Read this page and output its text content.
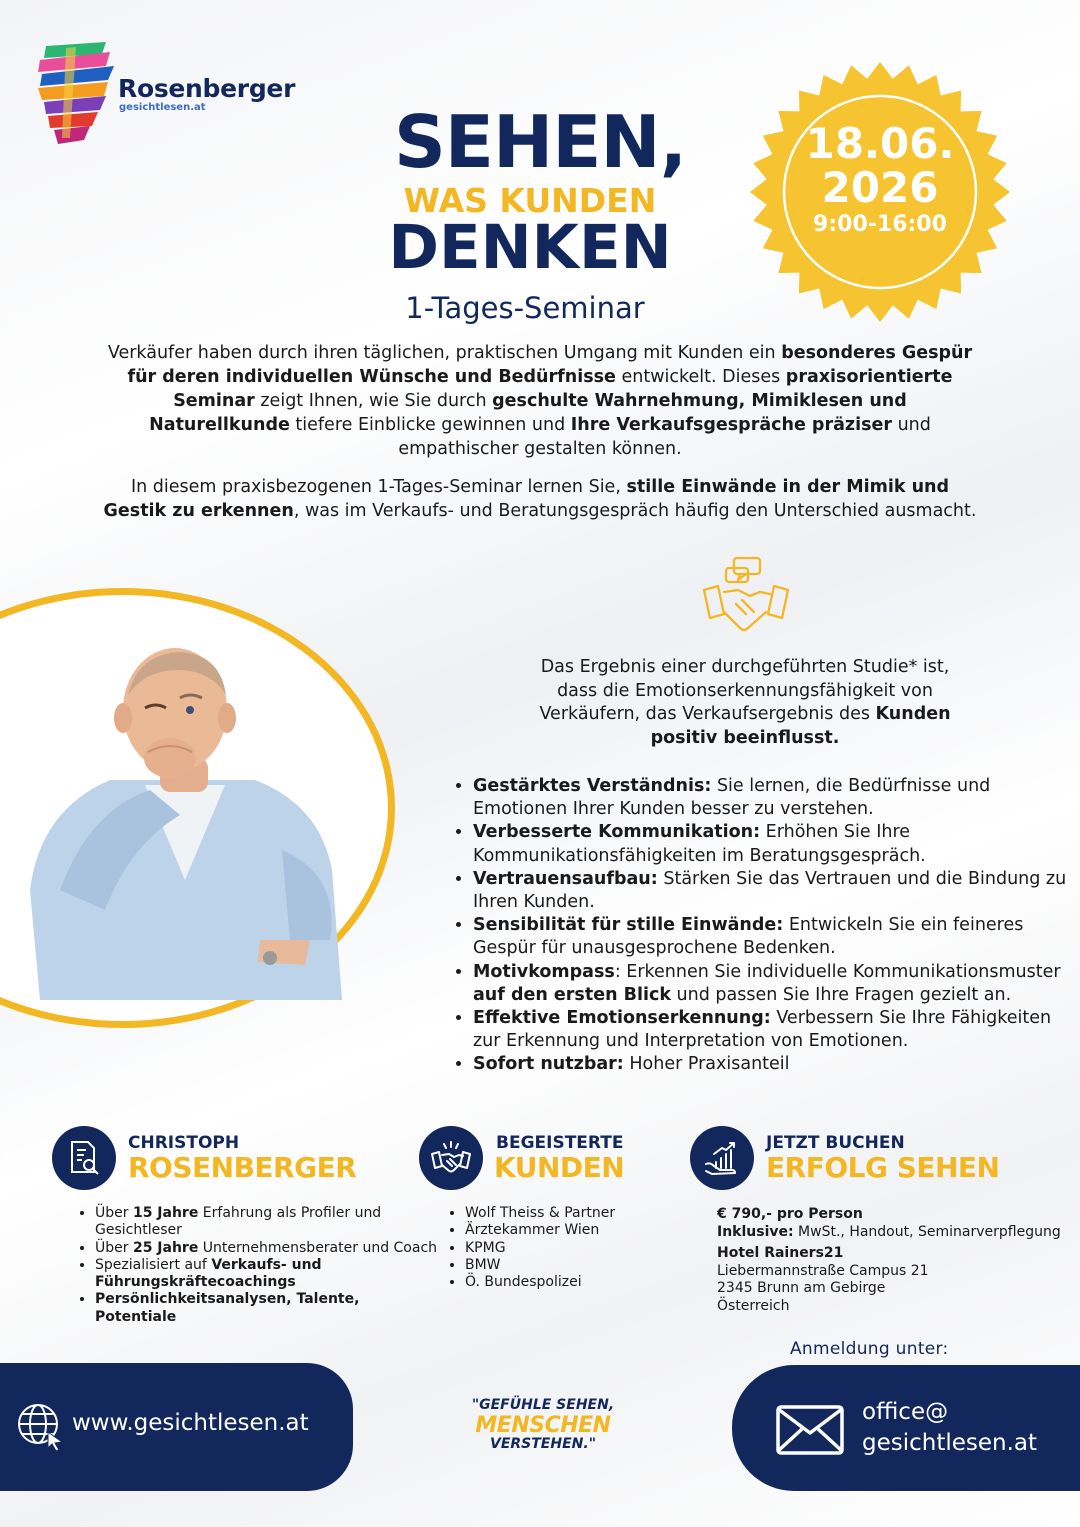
Rosenberger
gesichtlesen.at	SEHEN,
WAS KUNDEN
DENKEN
1-Tages-Seminar
18.06.
2026
9:00-16:00

Verkäufer haben durch ihren täglichen, praktischen Umgang mit Kunden ein besonderes Gespür für deren individuellen Wünsche und Bedürfnisse entwickelt. Dieses praxisorientierte Seminar zeigt Ihnen, wie Sie durch geschulte Wahrnehmung, Mimiklesen und Naturellkunde tiefere Einblicke gewinnen und Ihre Verkaufsgespräche präziser und empathischer gestalten können.

In diesem praxisbezogenen 1-Tages-Seminar lernen Sie, stille Einwände in der Mimik und Gestik zu erkennen, was im Verkaufs- und Beratungsgespräch häufig den Unterschied ausmacht.

Das Ergebnis einer durchgeführten Studie* ist, dass die Emotionserkennungsfähigkeit von Verkäufern, das Verkaufsergebnis des Kunden positiv beeinflusst.
• Gestärktes Verständnis: Sie lernen, die Bedürfnisse und Emotionen Ihrer Kunden besser zu verstehen.
• Verbesserte Kommunikation: Erhöhen Sie Ihre Kommunikationsfähigkeiten im Beratungsgespräch.
• Vertrauensaufbau: Stärken Sie das Vertrauen und die Bindung zu Ihren Kunden.
• Sensibilität für stille Einwände: Entwickeln Sie ein feineres Gespür für unausgesprochene Bedenken.
• Motivkompass: Erkennen Sie individuelle Kommunikationsmuster auf den ersten Blick und passen Sie Ihre Fragen gezielt an.
• Effektive Emotionserkennung: Verbessern Sie Ihre Fähigkeiten zur Erkennung und Interpretation von Emotionen.
• Sofort nutzbar: Hoher Praxisanteil
CHRISTOPH
ROSENBERGER
• Über 15 Jahre Erfahrung als Profiler und Gesichtleser
• Über 25 Jahre Unternehmensberater und Coach
• Spezialisiert auf Verkaufs- und Führungskräftecoachings
• Persönlichkeitsanalysen, Talente, Potentiale
BEGEISTERTE
KUNDEN
• Wolf Theiss & Partner
• Ärztekammer Wien
• KPMG
• BMW
• Ö. Bundespolizei
JETZT BUCHEN
ERFOLG SEHEN
€ 790,- pro Person
Inklusive: MwSt., Handout, Seminarverpflegung
Hotel Rainers21
Liebermannstraße Campus 21
2345 Brunn am Gebirge
Österreich
Anmeldung unter:
www.gesichtlesen.at
"GEFÜHLE SEHEN,
MENSCHEN
VERSTEHEN."
office@
gesichtlesen.at
